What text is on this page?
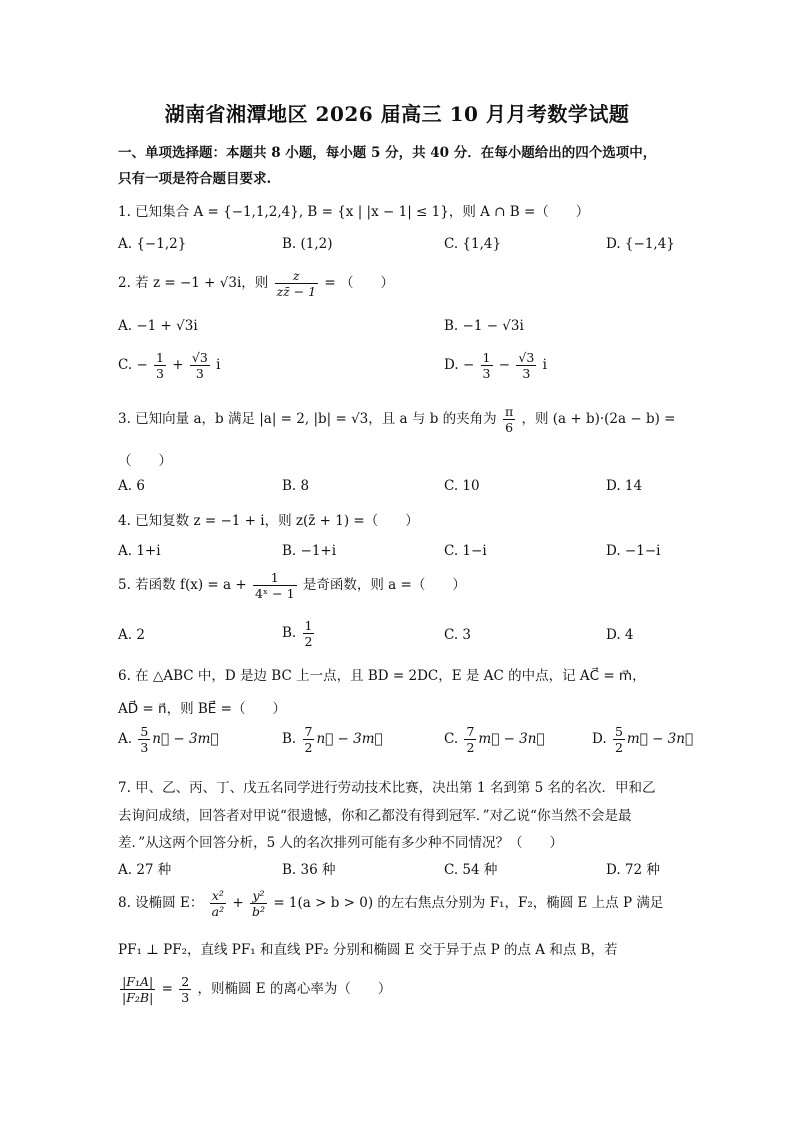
湖南省湘潭地区 2026 届高三 10 月月考数学试题
一、单项选择题：本题共 8 小题，每小题 5 分，共 40 分．在每小题给出的四个选项中，
只有一项是符合题目要求.
1. 已知集合 A = {−1,1,2,4}, B = {x | |x − 1| ≤ 1}，则 A ∩ B =（　　）
A. {−1,2}	B. (1,2)	C. {1,4}	D. {−1,4}
2. 若 z = −1 + √3i，则 $\frac{z}{zz̄ - 1}$ = （　　）
A. −1 + √3i	B. −1 − √3i
C. − $\frac{1}{3} + \frac{√3}{3}$ i	D. − $\frac{1}{3} - \frac{√3}{3}$ i
3. 已知向量 a，b 满足 |a| = 2, |b| = √3，且 a 与 b 的夹角为 $\frac{\pi}{6}$ ，则 (a + b)·(2a − b) =
（　　）
A. 6	B. 8	C. 10	D. 14
4. 已知复数 z = −1 + i，则 z(z̄ + 1) =（　　）
A. 1+i	B. −1+i	C. 1−i	D. −1−i
5. 若函数 $f(x) = a + \frac{1}{\text{4ˣ − 1}}$ 是奇函数，则 a =（　　）
A. 2	B. $\frac{1}{2}$	C. 3	D. 4
6. 在 △ABC 中，D 是边 BC 上一点，且 BD = 2DC，E 是 AC 的中点，记 AC⃗ = m⃗，
AD⃗ = n⃗，则 BE⃗ =（　　）
A. $\frac{5}{3}$ n⃗ − 3m⃗	B. $\frac{7}{2}$ n⃗ − 3m⃗	C. $\frac{7}{2}$ m⃗ − 3n⃗	D. $\frac{5}{2}$ m⃗ − 3n⃗
7. 甲、乙、丙、丁、戊五名同学进行劳动技术比赛，决出第 1 名到第 5 名的名次．甲和乙
去询问成绩，回答者对甲说“很遗憾，你和乙都没有得到冠军．”对乙说“你当然不会是最
差．”从这两个回答分析，5 人的名次排列可能有多少种不同情况？（　　）
A. 27 种	B. 36 种	C. 54 种	D. 72 种
8. 设椭圆 E： $\frac{\text{x²}}{\text{a²}} + \frac{\text{y²}}{\text{b²}} = 1(a > b > 0)$ 的左右焦点分别为 F₁，F₂，椭圆 E 上点 P 满足
PF₁ ⊥ PF₂，直线 PF₁ 和直线 PF₂ 分别和椭圆 E 交于异于点 P 的点 A 和点 B，若
$\frac{\text{|F₁A|}}{\text{|F₂B|}} = \frac{2}{3}$ ，则椭圆 E 的离心率为（　　）
